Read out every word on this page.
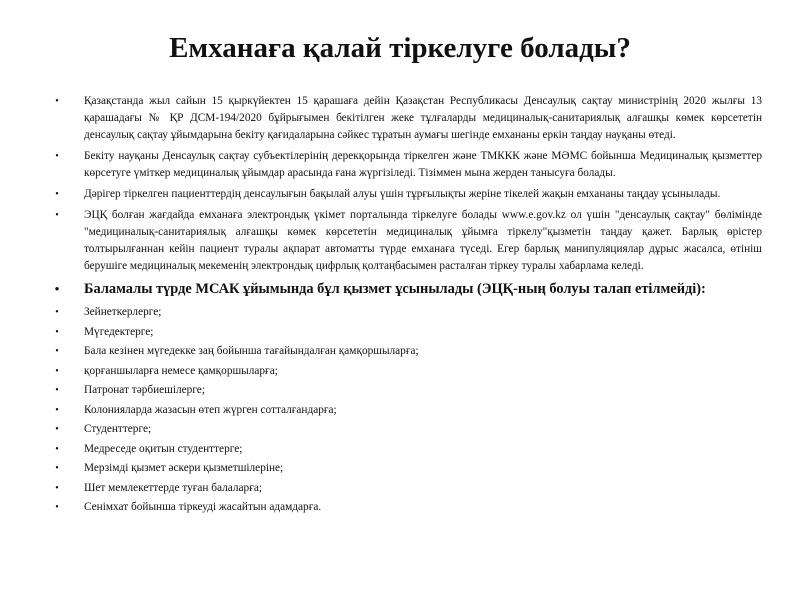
Емханаға қалай тіркелуге болады?
•	Қазақстанда жыл сайын 15 қыркүйектен 15 қарашаға дейін Қазақстан Республикасы Денсаулық сақтау министрінің 2020 жылғы 13 қарашадағы № ҚР ДСМ-194/2020 бұйрығымен бекітілген жеке тұлғаларды медициналық-санитариялық алғашқы көмек көрсететін денсаулық сақтау ұйымдарына бекіту қағидаларына сәйкес тұратын аумағы шегінде емхананы еркін таңдау науқаны өтеді.
•	Бекіту науқаны Денсаулық сақтау субъектілерінің дерекқорында тіркелген және ТМККК және МӘМС бойынша Медициналық қызметтер көрсетуге үміткер медициналық ұйымдар арасында ғана жүргізіледі. Тізіммен мына жерден танысуға болады.
•	Дәрігер тіркелген пациенттердің денсаулығын бақылай алуы үшін тұрғылықты жеріне тікелей жақын емхананы таңдау ұсынылады.
•	ЭЦҚ болған жағдайда емханаға электрондық үкімет порталында тіркелуге болады www.e.gov.kz ол үшін "денсаулық сақтау" бөлімінде "медициналық-санитариялық алғашқы көмек көрсететін медициналық ұйымға тіркелу"қызметін таңдау қажет. Барлық өрістер толтырылғаннан кейін пациент туралы ақпарат автоматты түрде емханаға түседі. Егер барлық манипуляциялар дұрыс жасалса, өтініш берушіге медициналық мекеменің электрондық цифрлық қолтаңбасымен расталған тіркеу туралы хабарлама келеді.
•	Баламалы түрде МСАК ұйымында бұл қызмет ұсынылады (ЭЦҚ-ның болуы талап етілмейді):
•	Зейнеткерлерге;
•	Мүгедектерге;
•	Бала кезінен мүгедекке заң бойынша тағайындалған қамқоршыларға;
•	қорғаншыларға немесе қамқоршыларға;
•	Патронат тәрбиешілерге;
•	Колонияларда жазасын өтеп жүрген сотталғандарға;
•	Студенттерге;
•	Медреседе оқитын студенттерге;
•	Мерзімді қызмет әскери қызметшілеріне;
•	Шет мемлекеттерде туған балаларға;
•	Сенімхат бойынша тіркеуді жасайтын адамдарға.
